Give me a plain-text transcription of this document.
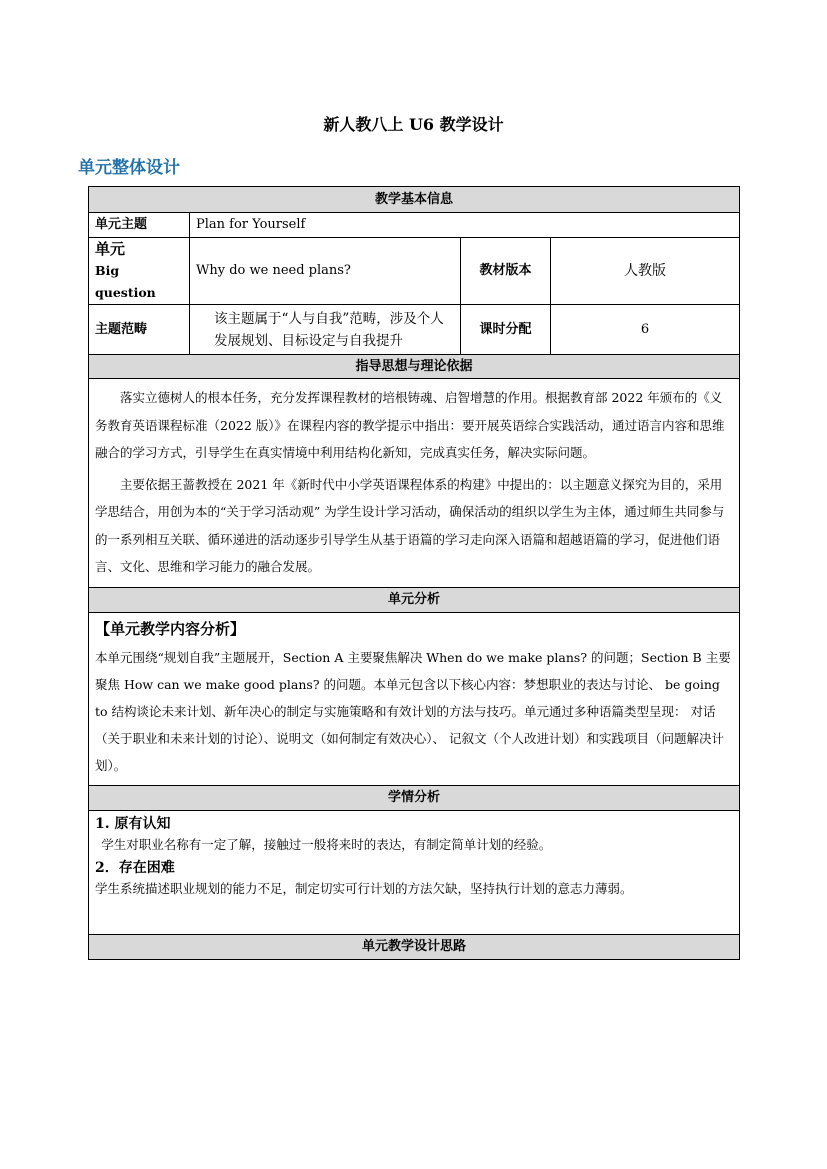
新人教八上 U6 教学设计
单元整体设计
教学基本信息			
单元主题	Plan for Yourself		

单元
Big question	Why do we need plans?	教材版本	人教版
主题范畴	该主题属于“人与自我”范畴，涉及个人发展规划、目标设定与自我提升	课时分配	6
指导思想与理论依据			

落实立德树人的根本任务，充分发挥课程教材的培根铸魂、启智增慧的作用。根据教育部 2022 年颁布的《义务教育英语课程标准（2022 版）》在课程内容的教学提示中指出：要开展英语综合实践活动，通过语言内容和思维融合的学习方式，引导学生在真实情境中利用结构化新知，完成真实任务，解决实际问题。

主要依据王蔷教授在 2021 年《新时代中小学英语课程体系的构建》中提出的：以主题意义探究为目的，采用学思结合，用创为本的“关于学习活动观” 为学生设计学习活动，确保活动的组织以学生为主体，通过师生共同参与的一系列相互关联、循环递进的活动逐步引导学生从基于语篇的学习走向深入语篇和超越语篇的学习，促进他们语言、文化、思维和学习能力的融合发展。			

单元分析			

【单元教学内容分析】

本单元围绕“规划自我”主题展开，Section A 主要聚焦解决 When do we make plans? 的问题；Section B 主要聚焦 How can we make good plans? 的问题。本单元包含以下核心内容：梦想职业的表达与讨论、 be going to 结构谈论未来计划、新年决心的制定与实施策略和有效计划的方法与技巧。单元通过多种语篇类型呈现： 对话（关于职业和未来计划的讨论）、说明文（如何制定有效决心）、 记叙文（个人改进计划）和实践项目（问题解决计划）。			

学情分析			

1. 原有认知

学生对职业名称有一定了解，接触过一般将来时的表达，有制定简单计划的经验。

2．存在困难

学生系统描述职业规划的能力不足，制定切实可行计划的方法欠缺，坚持执行计划的意志力薄弱。			

单元教学设计思路			
